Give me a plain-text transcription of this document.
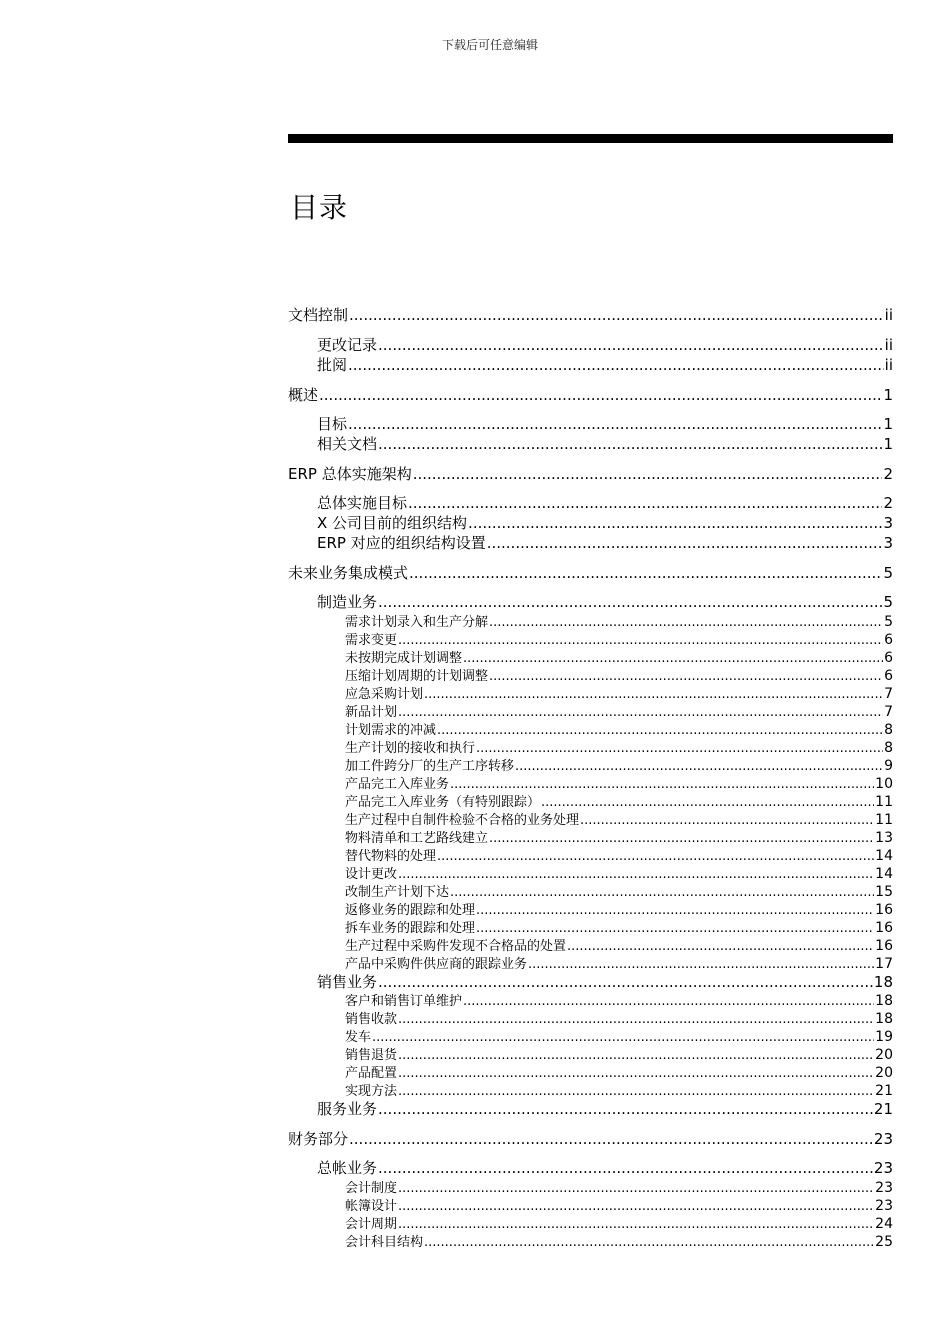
下载后可任意编辑
目录
文档控制 .....	ii
更改记录 .....	ii
批阅 .....	ii
概述 .....	1
目标 .....	1
相关文档 .....	1
ERP 总体实施架构 .....	2
总体实施目标 .....	2
X 公司目前的组织结构 .....	3
ERP 对应的组织结构设置 .....	3
未来业务集成模式 .....	5
制造业务 .....	5
需求计划录入和生产分解 .....	5
需求变更 .....	6
未按期完成计划调整 .....	6
压缩计划周期的计划调整 .....	6
应急采购计划 .....	7
新品计划 .....	7
计划需求的冲减 .....	8
生产计划的接收和执行 .....	8
加工件跨分厂的生产工序转移 .....	9
产品完工入库业务 .....	10
产品完工入库业务（有特别跟踪） .....	11
生产过程中自制件检验不合格的业务处理 .....	11
物料清单和工艺路线建立 .....	13
替代物料的处理 .....	14
设计更改 .....	14
改制生产计划下达 .....	15
返修业务的跟踪和处理 .....	16
拆车业务的跟踪和处理 .....	16
生产过程中采购件发现不合格品的处置 .....	16
产品中采购件供应商的跟踪业务 .....	17
销售业务 .....	18
客户和销售订单维护 .....	18
销售收款 .....	18
发车 .....	19
销售退货 .....	20
产品配置 .....	20
实现方法 .....	21
服务业务 .....	21
财务部分 .....	23
总帐业务 .....	23
会计制度 .....	23
帐簿设计 .....	23
会计周期 .....	24
会计科目结构 .....	25
